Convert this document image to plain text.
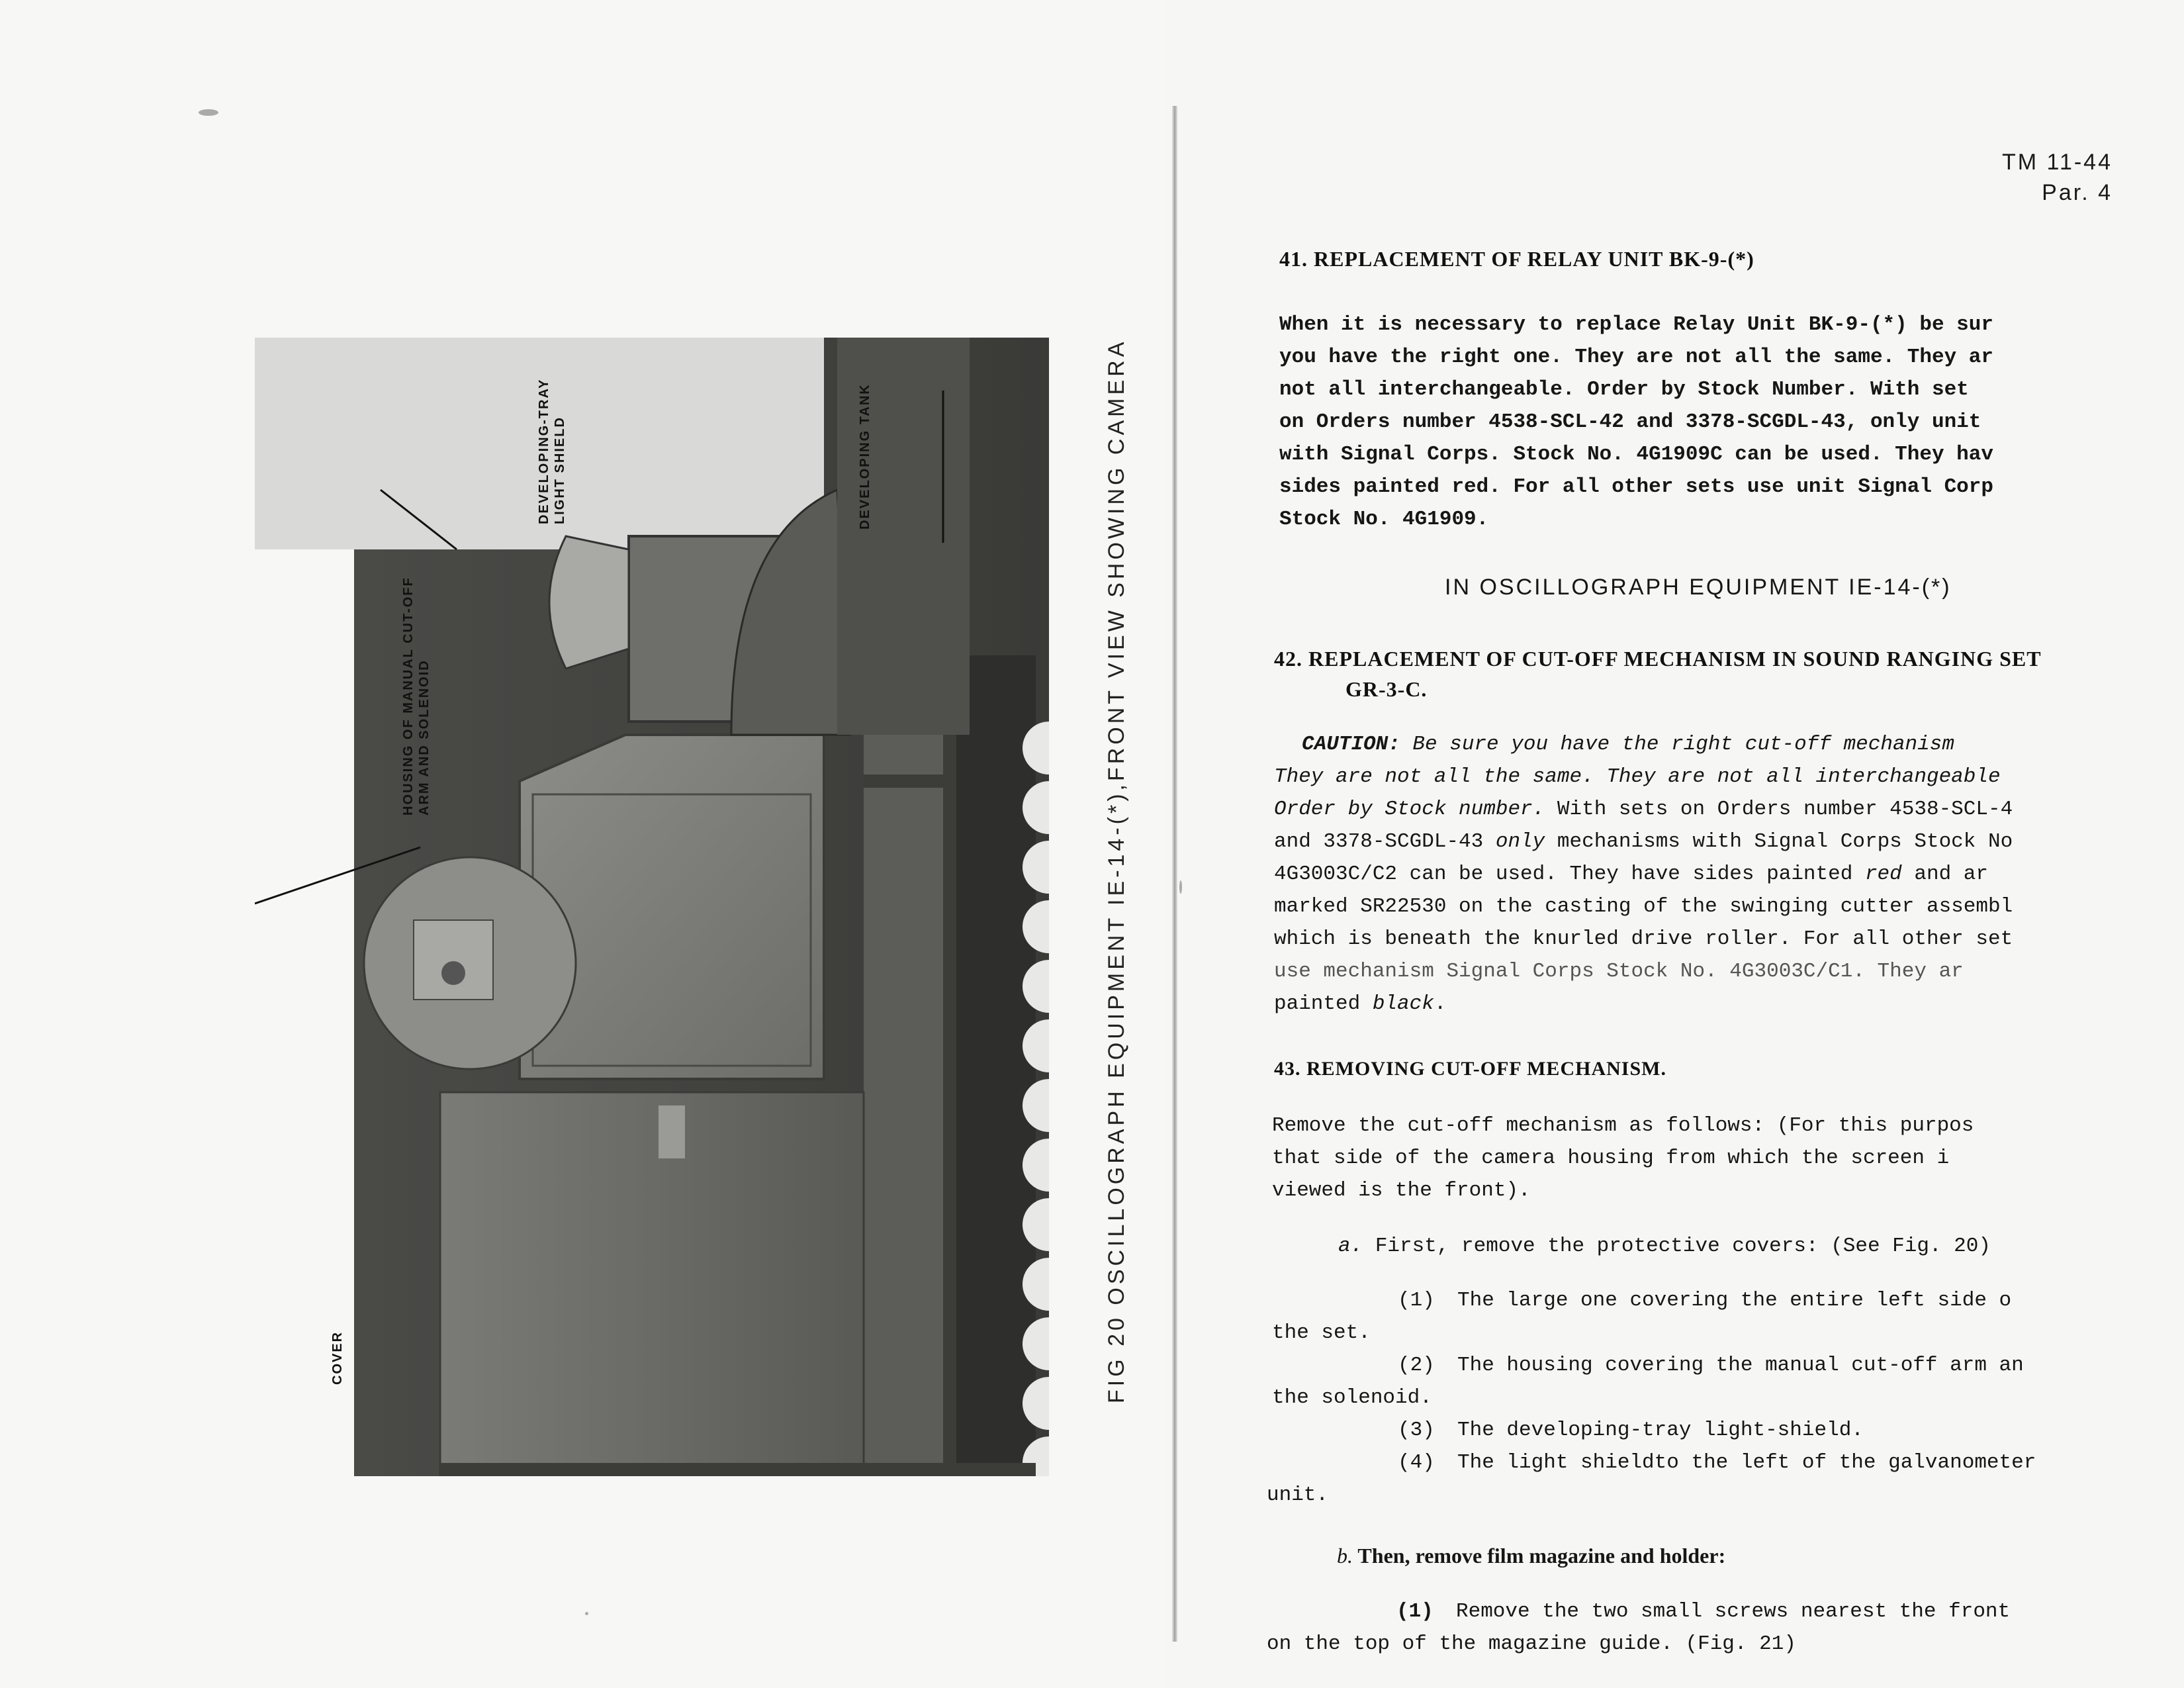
COVER
HOUSING OF MANUAL CUT-OFF ARM AND SOLENOID
DEVELOPING-TRAY LIGHT SHIELD	DEVELOPING TANK	FIG 20 OSCILLOGRAPH EQUIPMENT IE-14-(*),FRONT VIEW SHOWING CAMERA
TM 11-44
Par. 4
41. REPLACEMENT OF RELAY UNIT BK-9-(*)
When it is necessary to replace Relay Unit BK-9-(*) be sur
you have the right one. They are not all the same. They ar
not all interchangeable. Order by Stock Number. With set
on Orders number 4538-SCL-42 and 3378-SCGDL-43, only unit
with Signal Corps. Stock No. 4G1909C can be used. They hav
sides painted red. For all other sets use unit Signal Corp
Stock No. 4G1909.
IN OSCILLOGRAPH EQUIPMENT IE-14-(*)
42. REPLACEMENT OF CUT-OFF MECHANISM IN SOUND RANGING SET
GR-3-C.
CAUTION: Be sure you have the right cut-off mechanism
They are not all the same. They are not all interchangeable
Order by Stock number. With sets on Orders number 4538-SCL-4
and 3378-SCGDL-43 only mechanisms with Signal Corps Stock No
4G3003C/C2 can be used. They have sides painted red and ar
marked SR22530 on the casting of the swinging cutter assembl
which is beneath the knurled drive roller. For all other set
use mechanism Signal Corps Stock No. 4G3003C/C1. They ar
painted black.
43. REMOVING CUT-OFF MECHANISM.
Remove the cut-off mechanism as follows: (For this purpos
that side of the camera housing from which the screen i
viewed is the front).
a. First, remove the protective covers: (See Fig. 20)
(1) The large one covering the entire left side o
the set.
(2) The housing covering the manual cut-off arm an
the solenoid.
(3) The developing-tray light-shield.
(4) The light shieldto the left of the galvanometer
unit.
b. Then, remove film magazine and holder:
(1) Remove the two small screws nearest the front
on the top of the magazine guide. (Fig. 21)
